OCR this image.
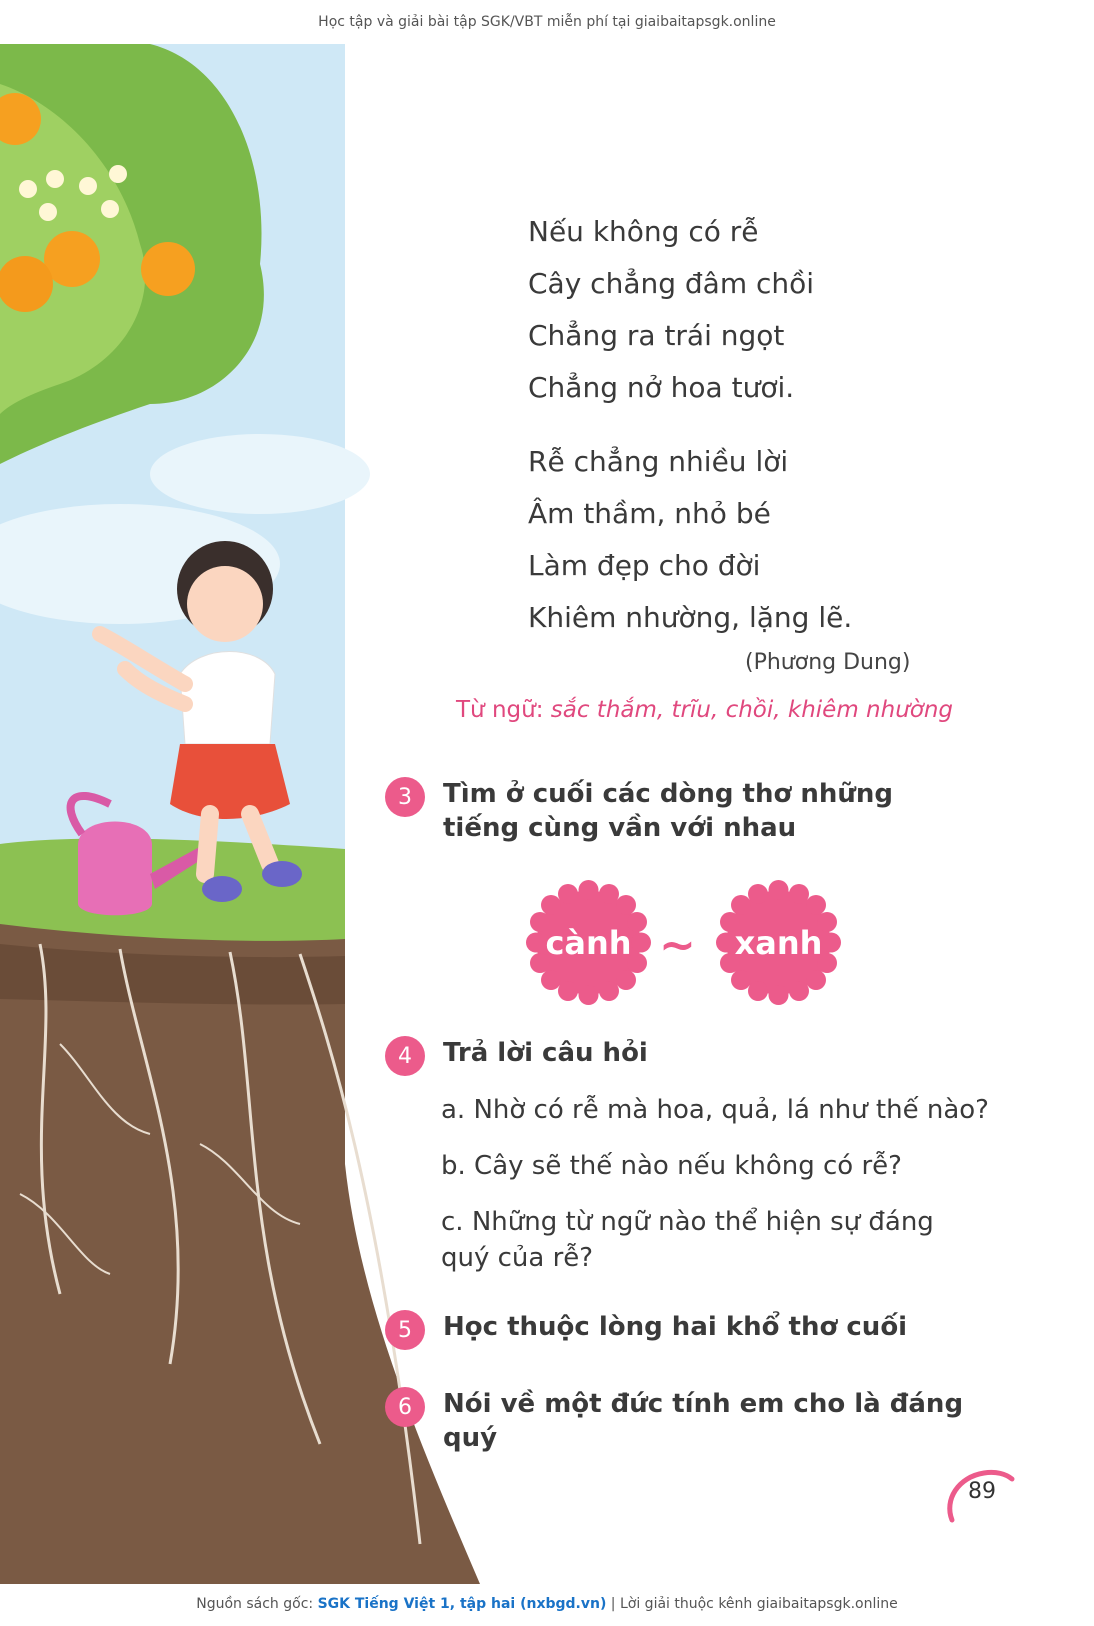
Học tập và giải bài tập SGK/VBT miễn phí tại giaibaitapsgk.online
Nếu không có rễ
Cây chẳng đâm chồi
Chẳng ra trái ngọt
Chẳng nở hoa tươi.
Rễ chẳng nhiều lời
Âm thầm, nhỏ bé
Làm đẹp cho đời
Khiêm nhường, lặng lẽ.
(Phương Dung)
Từ ngữ: sắc thắm, trĩu, chồi, khiêm nhường
3	Tìm ở cuối các dòng thơ những tiếng cùng vần với nhau
cành ~ xanh
4	Trả lời câu hỏi
a. Nhờ có rễ mà hoa, quả, lá như thế nào?
b. Cây sẽ thế nào nếu không có rễ?
c. Những từ ngữ nào thể hiện sự đáng quý của rễ?
5	Học thuộc lòng hai khổ thơ cuối
6	Nói về một đức tính em cho là đáng quý
89
Nguồn sách gốc: SGK Tiếng Việt 1, tập hai (nxbgd.vn) | Lời giải thuộc kênh giaibaitapsgk.online
